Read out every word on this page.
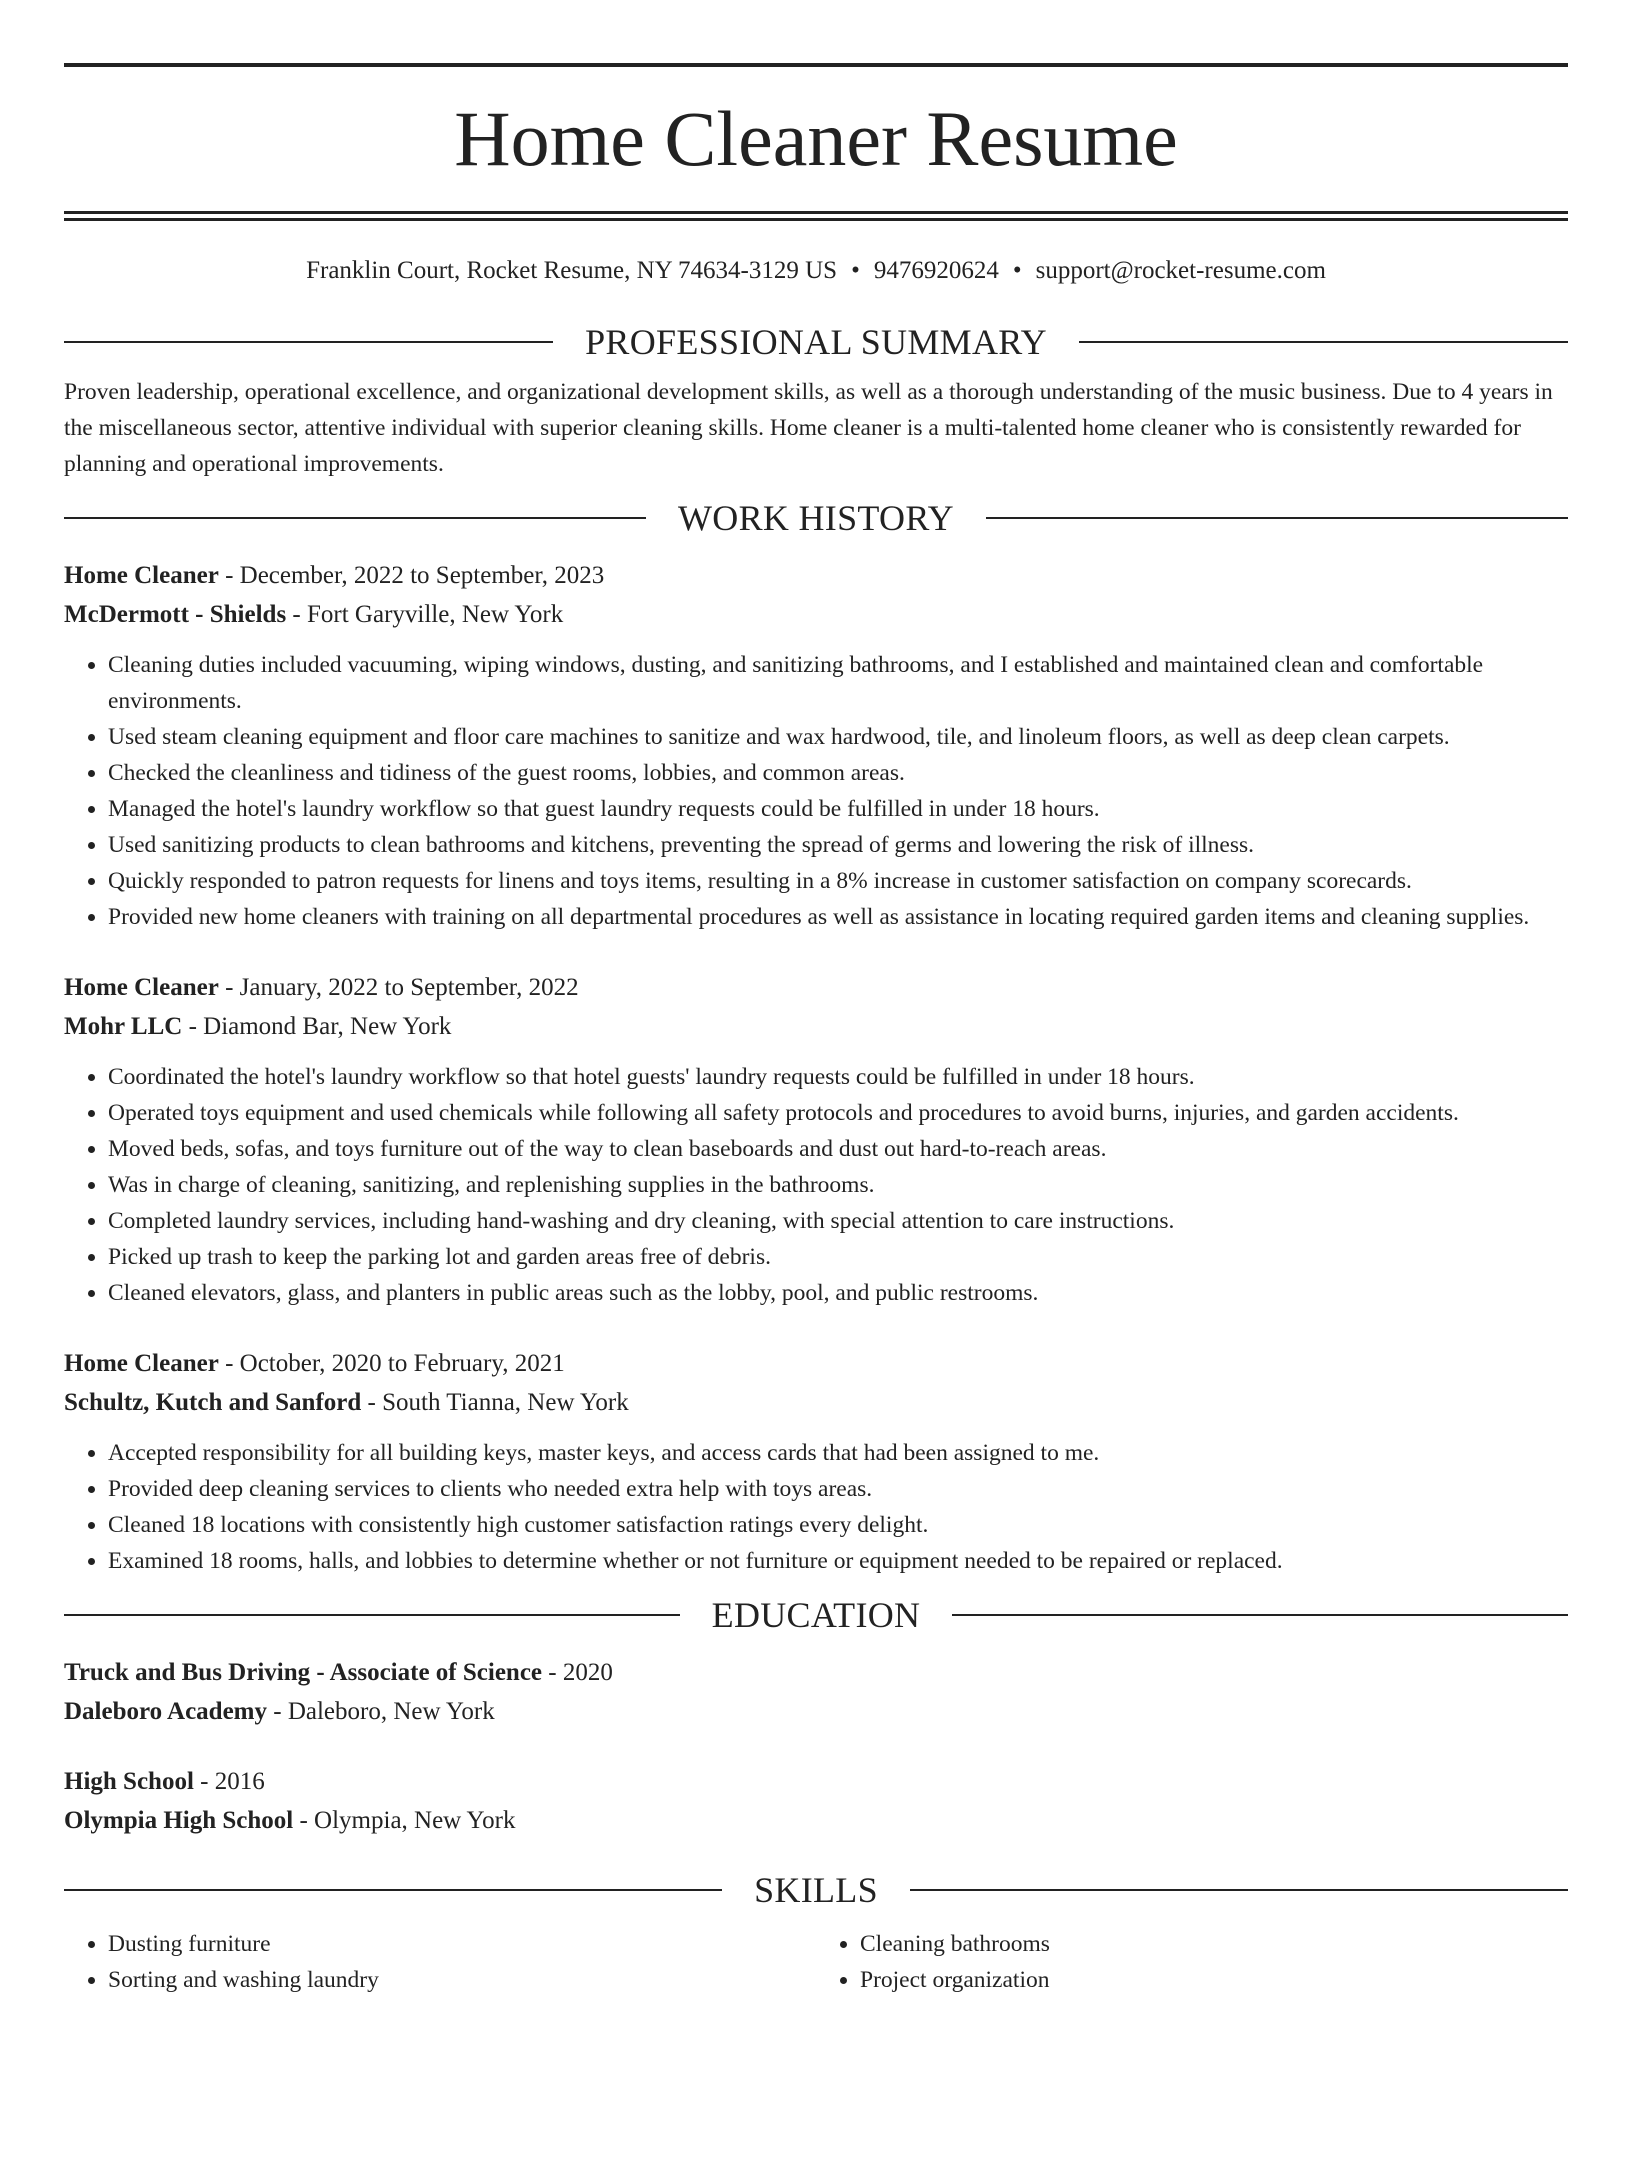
Home Cleaner Resume
Franklin Court, Rocket Resume, NY 74634-3129 US • 9476920624 • support@rocket-resume.com
PROFESSIONAL SUMMARY

Proven leadership, operational excellence, and organizational development skills, as well as a thorough understanding of the music business. Due to 4 years in the miscellaneous sector, attentive individual with superior cleaning skills. Home cleaner is a multi-talented home cleaner who is consistently rewarded for planning and operational improvements.

WORK HISTORY
Home Cleaner - December, 2022 to September, 2023
McDermott - Shields - Fort Garyville, New York
• Cleaning duties included vacuuming, wiping windows, dusting, and sanitizing bathrooms, and I established and maintained clean and comfortable environments.
• Used steam cleaning equipment and floor care machines to sanitize and wax hardwood, tile, and linoleum floors, as well as deep clean carpets.
• Checked the cleanliness and tidiness of the guest rooms, lobbies, and common areas.
• Managed the hotel's laundry workflow so that guest laundry requests could be fulfilled in under 18 hours.
• Used sanitizing products to clean bathrooms and kitchens, preventing the spread of germs and lowering the risk of illness.
• Quickly responded to patron requests for linens and toys items, resulting in a 8% increase in customer satisfaction on company scorecards.
• Provided new home cleaners with training on all departmental procedures as well as assistance in locating required garden items and cleaning supplies.
Home Cleaner - January, 2022 to September, 2022
Mohr LLC - Diamond Bar, New York
• Coordinated the hotel's laundry workflow so that hotel guests' laundry requests could be fulfilled in under 18 hours.
• Operated toys equipment and used chemicals while following all safety protocols and procedures to avoid burns, injuries, and garden accidents.
• Moved beds, sofas, and toys furniture out of the way to clean baseboards and dust out hard-to-reach areas.
• Was in charge of cleaning, sanitizing, and replenishing supplies in the bathrooms.
• Completed laundry services, including hand-washing and dry cleaning, with special attention to care instructions.
• Picked up trash to keep the parking lot and garden areas free of debris.
• Cleaned elevators, glass, and planters in public areas such as the lobby, pool, and public restrooms.
Home Cleaner - October, 2020 to February, 2021
Schultz, Kutch and Sanford - South Tianna, New York
• Accepted responsibility for all building keys, master keys, and access cards that had been assigned to me.
• Provided deep cleaning services to clients who needed extra help with toys areas.
• Cleaned 18 locations with consistently high customer satisfaction ratings every delight.
• Examined 18 rooms, halls, and lobbies to determine whether or not furniture or equipment needed to be repaired or replaced.
EDUCATION
Truck and Bus Driving - Associate of Science - 2020
Daleboro Academy - Daleboro, New York
High School - 2016
Olympia High School - Olympia, New York
SKILLS
• Dusting furniture
• Sorting and washing laundry
• Cleaning bathrooms
• Project organization
